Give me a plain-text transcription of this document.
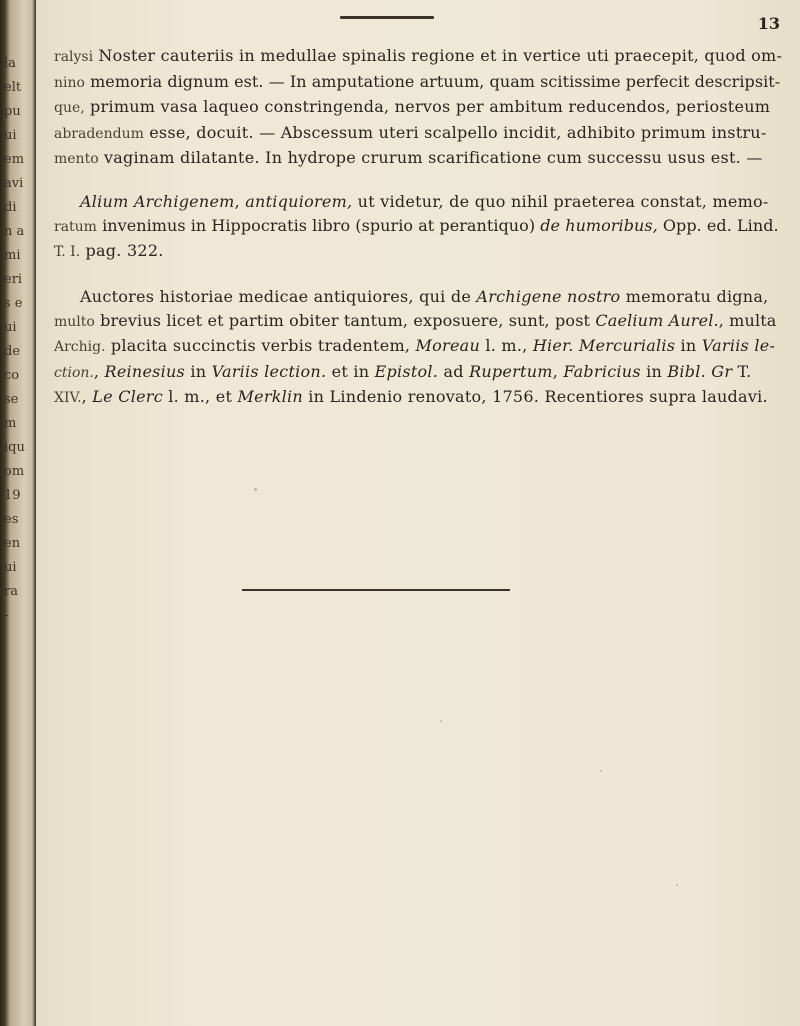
la
elt
pu
ui
em
avi
di
n a
mi
eri
s e
ui
de
co
se
m
iqu
om
19
es
en
ui
ra
-
13

ralysi Noster cauteriis in medullae spinalis regione et in vertice uti praecepit, quod om-
nino memoria dignum est. — In amputatione artuum, quam scitissime perfecit descripsit-
que, primum vasa laqueo constringenda, nervos per ambitum reducendos, periosteum
abradendum esse, docuit. — Abscessum uteri scalpello incidit, adhibito primum instru-
mento vaginam dilatante. In hydrope crurum scarificatione cum successu usus est. —

Alium Archigenem, antiquiorem, ut videtur, de quo nihil praeterea constat, memo-
ratum invenimus in Hippocratis libro (spurio at perantiquo) de humoribus, Opp. ed. Lind.
T. I. pag. 322.

Auctores historiae medicae antiquiores, qui de Archigene nostro memoratu digna,
multo brevius licet et partim obiter tantum, exposuere, sunt, post Caelium Aurel., multa
Archig. placita succinctis verbis tradentem, Moreau l. m., Hier. Mercurialis in Variis le-
ction., Reinesius in Variis lection. et in Epistol. ad Rupertum, Fabricius in Bibl. Gr T.
XIV., Le Clerc l. m., et Merklin in Lindenio renovato, 1756. Recentiores supra laudavi.
